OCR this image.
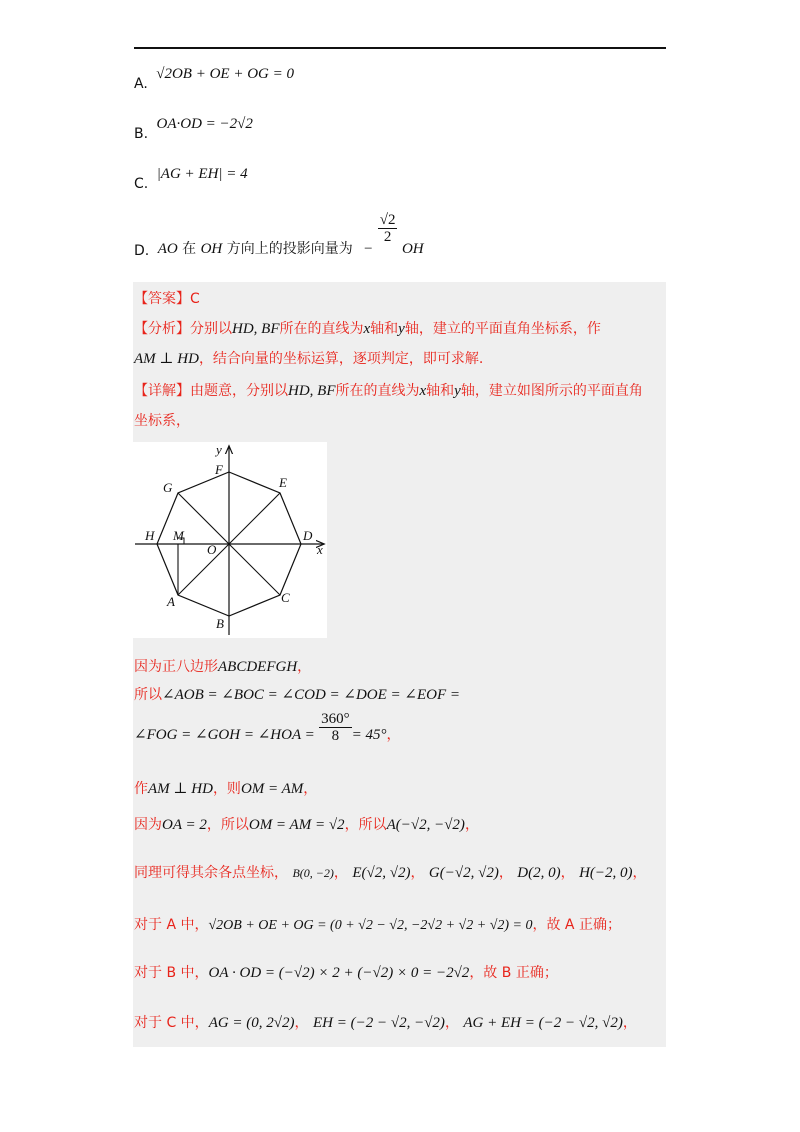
A. √2OB + OE + OG = 0
B. OA·OD = −2√2
C. |AG + EH| = 4
D. AO 在 OH 方向上的投影向量为 −
$\frac{√2}{2}$
OH
【答案】C
【分析】分别以HD, BF所在的直线为x轴和y轴，建立的平面直角坐标系，作
AM ⊥ HD，结合向量的坐标运算，逐项判定，即可求解.
【详解】由题意，分别以HD, BF所在的直线为x轴和y轴，建立如图所示的平面直角
坐标系，
y
x
F
E
G
H M
O
D
A	C
B
因为正八边形ABCDEFGH，
所以∠AOB = ∠BOC = ∠COD = ∠DOE = ∠EOF =
∠FOG = ∠GOH = ∠HOA = $\frac{360^\circ}{8} = 45^\circ$，
作AM ⊥ HD，则OM = AM，
因为OA = 2，所以OM = AM = √2，所以A(−√2, −√2)，
同理可得其余各点坐标， B(0, −2)， E(√2, √2)， G(−√2, √2)， D(2, 0)， H(−2, 0)，
对于 A 中，√2OB + OE + OG = (0 + √2 − √2, −2√2 + √2 + √2) = 0，故 A 正确；
对于 B 中，OA · OD = (−√2) × 2 + (−√2) × 0 = −2√2，故 B 正确；
对于 C 中，AG = (0, 2√2)， EH = (−2 − √2, −√2)， AG + EH = (−2 − √2, √2)，
